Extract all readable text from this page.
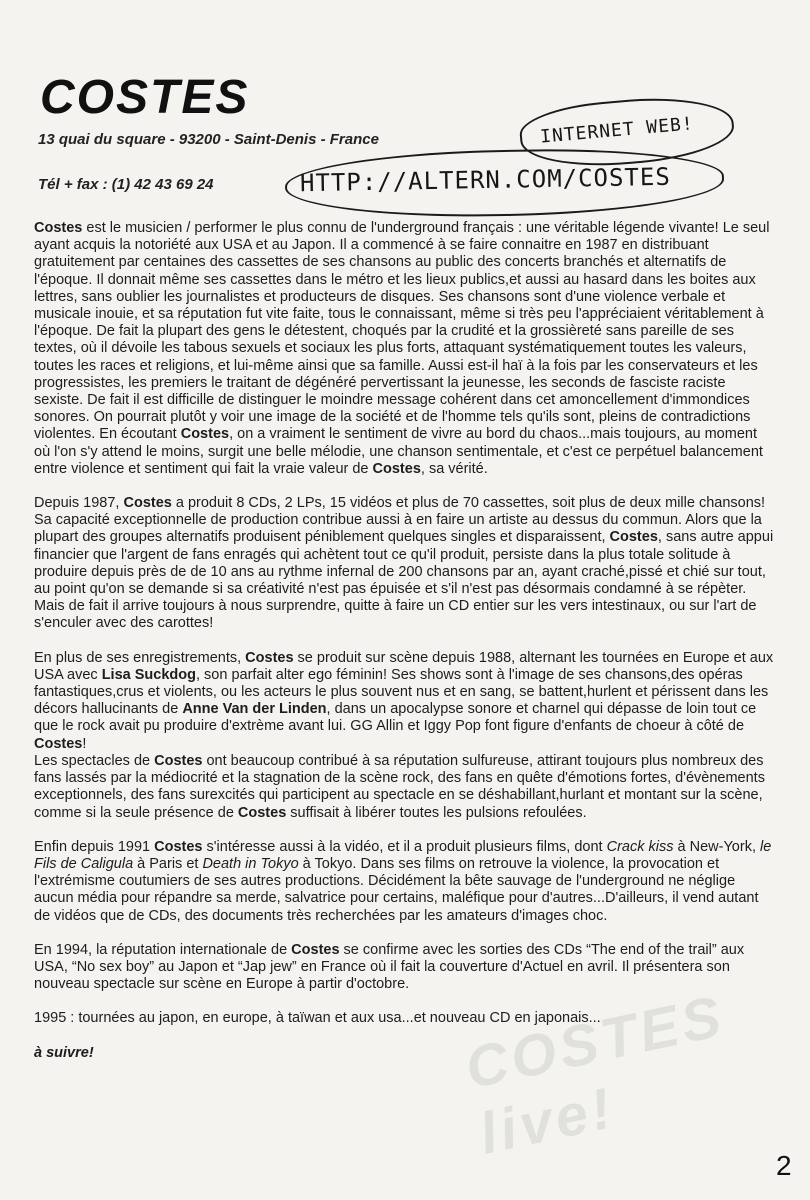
COSTES
13 quai du square - 93200 - Saint-Denis - France
Tél + fax : (1) 42 43 69 24
INTERNET WEB!
HTTP://ALTERN.COM/COSTES
COSTES live!

Costes est le musicien / performer le plus connu de l'underground français : une véritable légende vivante! Le seul ayant acquis la notoriété aux USA et au Japon. Il a commencé à se faire connaitre en 1987 en distribuant gratuitement par centaines des cassettes de ses chansons au public des concerts branchés et alternatifs de l'époque. Il donnait même ses cassettes dans le métro et les lieux publics,et aussi au hasard dans les boites aux lettres, sans oublier les journalistes et producteurs de disques. Ses chansons sont d'une violence verbale et musicale inouie, et sa réputation fut vite faite, tous le connaissant, même si très peu l'appréciaient véritablement à l'époque. De fait la plupart des gens le détestent, choqués par la crudité et la grossièreté sans pareille de ses textes, où il dévoile les tabous sexuels et sociaux les plus forts, attaquant systématiquement toutes les valeurs, toutes les races et religions, et lui-même ainsi que sa famille. Aussi est-il haï à la fois par les conservateurs et les progressistes, les premiers le traitant de dégénéré pervertissant la jeunesse, les seconds de fasciste raciste sexiste. De fait il est difficille de distinguer le moindre message cohérent dans cet amoncellement d'immondices sonores. On pourrait plutôt y voir une image de la société et de l'homme tels qu'ils sont, pleins de contradictions violentes. En écoutant Costes, on a vraiment le sentiment de vivre au bord du chaos...mais toujours, au moment où l'on s'y attend le moins, surgit une belle mélodie, une chanson sentimentale, et c'est ce perpétuel balancement entre violence et sentiment qui fait la vraie valeur de Costes, sa vérité.

Depuis 1987, Costes a produit 8 CDs, 2 LPs, 15 vidéos et plus de 70 cassettes, soit plus de deux mille chansons! Sa capacité exceptionnelle de production contribue aussi à en faire un artiste au dessus du commun. Alors que la plupart des groupes alternatifs produisent péniblement quelques singles et disparaissent, Costes, sans autre appui financier que l'argent de fans enragés qui achètent tout ce qu'il produit, persiste dans la plus totale solitude à produire depuis près de de 10 ans au rythme infernal de 200 chansons par an, ayant craché,pissé et chié sur tout, au point qu'on se demande si sa créativité n'est pas épuisée et s'il n'est pas désormais condamné à se répèter. Mais de fait il arrive toujours à nous surprendre, quitte à faire un CD entier sur les vers intestinaux, ou sur l'art de s'enculer avec des carottes!

En plus de ses enregistrements, Costes se produit sur scène depuis 1988, alternant les tournées en Europe et aux USA avec Lisa Suckdog, son parfait alter ego féminin! Ses shows sont à l'image de ses chansons,des opéras fantastiques,crus et violents, ou les acteurs le plus souvent nus et en sang, se battent,hurlent et périssent dans les décors hallucinants de Anne Van der Linden, dans un apocalypse sonore et charnel qui dépasse de loin tout ce que le rock avait pu produire d'extrème avant lui. GG Allin et Iggy Pop font figure d'enfants de choeur à côté de Costes!
Les spectacles de Costes ont beaucoup contribué à sa réputation sulfureuse, attirant toujours plus nombreux des fans lassés par la médiocrité et la stagnation de la scène rock, des fans en quête d'émotions fortes, d'évènements exceptionnels, des fans surexcités qui participent au spectacle en se déshabillant,hurlant et montant sur la scène, comme si la seule présence de Costes suffisait à libérer toutes les pulsions refoulées.

Enfin depuis 1991 Costes s'intéresse aussi à la vidéo, et il a produit plusieurs films, dont Crack kiss à New-York, le Fils de Caligula à Paris et Death in Tokyo à Tokyo. Dans ses films on retrouve la violence, la provocation et l'extrémisme coutumiers de ses autres productions. Décidément la bête sauvage de l'underground ne néglige aucun média pour répandre sa merde, salvatrice pour certains, maléfique pour d'autres...D'ailleurs, il vend autant de vidéos que de CDs, des documents très recherchées par les amateurs d'images choc.

En 1994, la réputation internationale de Costes se confirme avec les sorties des CDs “The end of the trail” aux USA, “No sex boy” au Japon et “Jap jew” en France où il fait la couverture d'Actuel en avril. Il présentera son nouveau spectacle sur scène en Europe à partir d'octobre.

1995 : tournées au japon, en europe, à taïwan et aux usa...et nouveau CD en japonais...

à suivre!

2
